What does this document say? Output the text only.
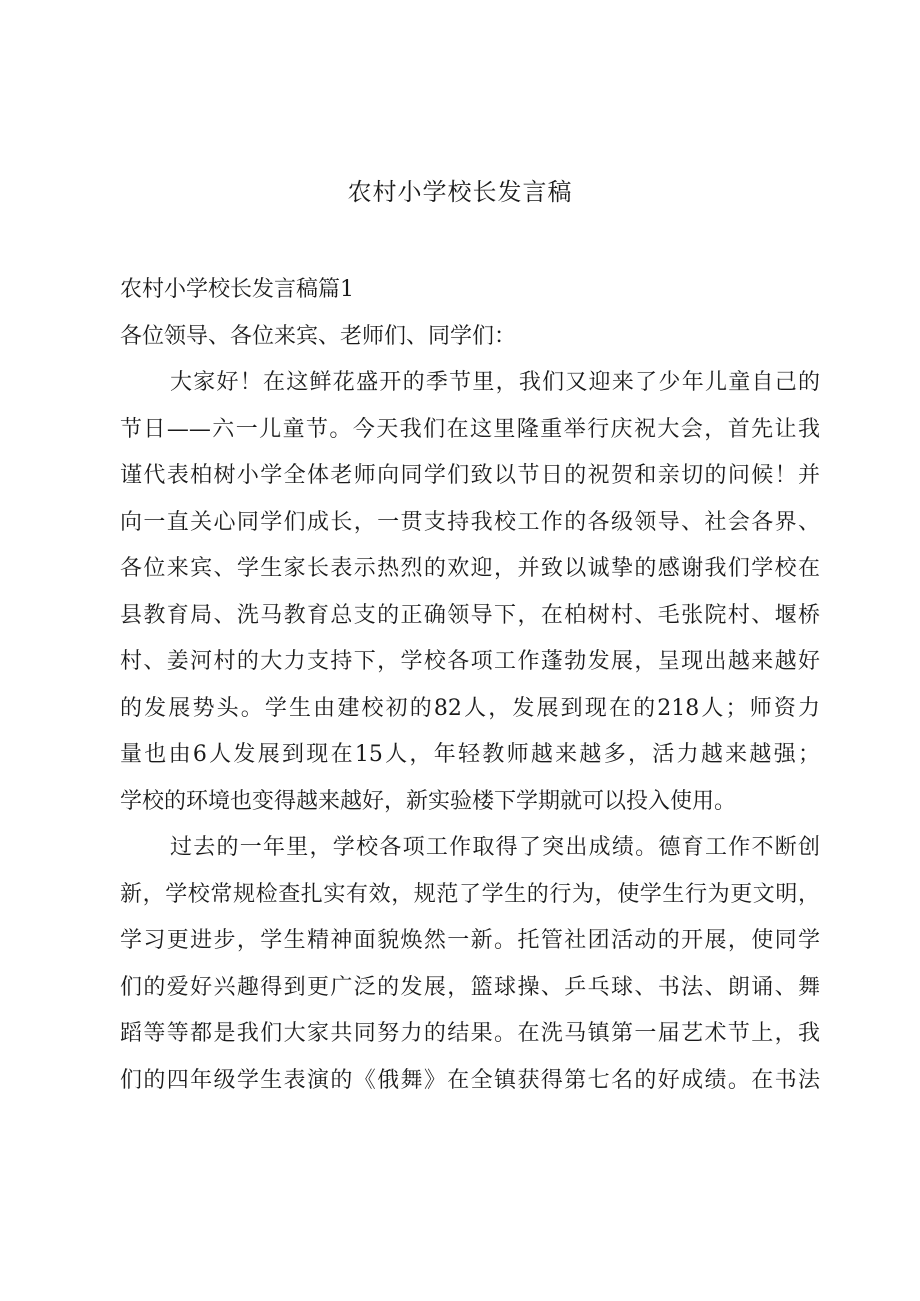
农村小学校长发言稿

农村小学校长发言稿篇1

各位领导、各位来宾、老师们、同学们：

大家好！在这鲜花盛开的季节里，我们又迎来了少年儿童自己的
节日——六一儿童节。今天我们在这里隆重举行庆祝大会，首先让我
谨代表柏树小学全体老师向同学们致以节日的祝贺和亲切的问候！并
向一直关心同学们成长，一贯支持我校工作的各级领导、社会各界、
各位来宾、学生家长表示热烈的欢迎，并致以诚挚的感谢我们学校在
县教育局、洗马教育总支的正确领导下，在柏树村、毛张院村、堰桥
村、姜河村的大力支持下，学校各项工作蓬勃发展，呈现出越来越好
的发展势头。学生由建校初的82人，发展到现在的218人；师资力
量也由6人发展到现在15人，年轻教师越来越多，活力越来越强；
学校的环境也变得越来越好，新实验楼下学期就可以投入使用。

过去的一年里，学校各项工作取得了突出成绩。德育工作不断创
新，学校常规检查扎实有效，规范了学生的行为，使学生行为更文明，
学习更进步，学生精神面貌焕然一新。托管社团活动的开展，使同学
们的爱好兴趣得到更广泛的发展，篮球操、乒乓球、书法、朗诵、舞
蹈等等都是我们大家共同努力的结果。在洗马镇第一届艺术节上，我
们的四年级学生表演的《俄舞》在全镇获得第七名的好成绩。在书法
